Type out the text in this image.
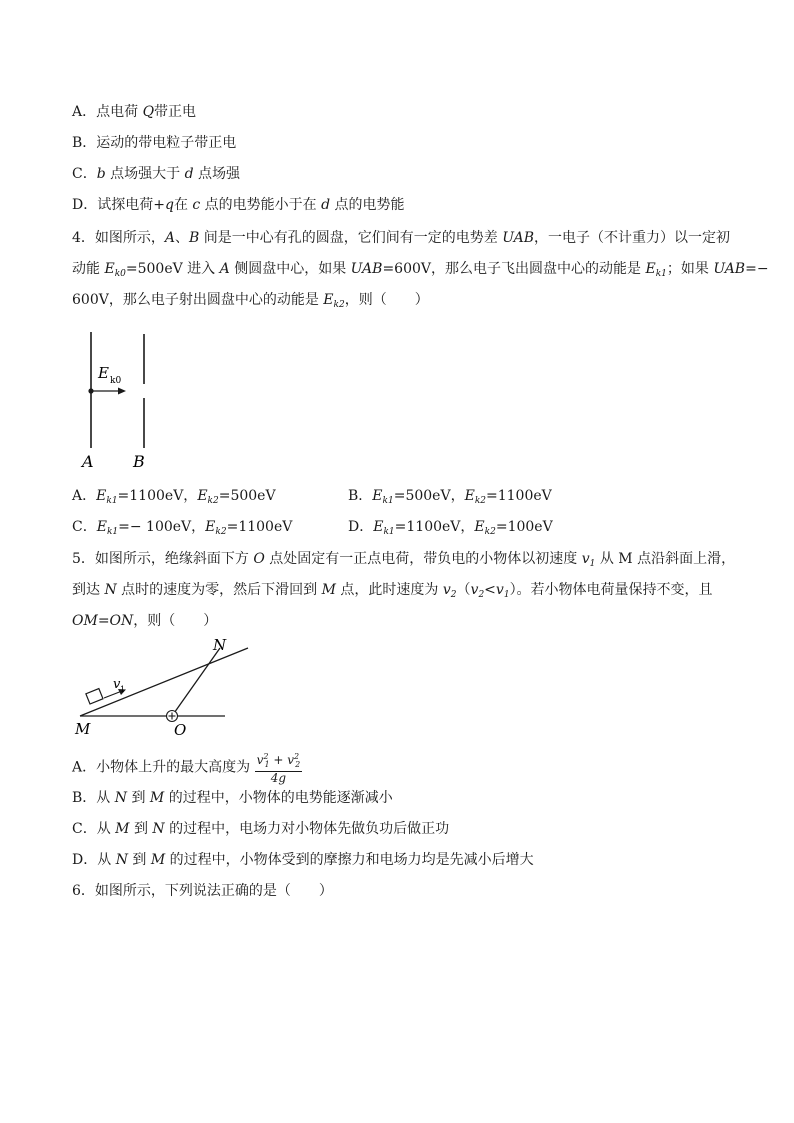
A．点电荷 Q带正电
B．运动的带电粒子带正电
C．b 点场强大于 d 点场强
D．试探电荷+q在 c 点的电势能小于在 d 点的电势能
4．如图所示，A、B 间是一中心有孔的圆盘，它们间有一定的电势差 UAB，一电子（不计重力）以一定初
动能 $E_{k0}=500eV$ 进入 A 侧圆盘中心，如果 UAB=600V，那么电子飞出圆盘中心的动能是 $E_{k1}$；如果 UAB=−
600V，那么电子射出圆盘中心的动能是 $E_{k2}$，则（　　）
E k0
A B
A．$E_{k1}=1100eV$，$E_{k2}=500eV$	B．$E_{k1}=500eV$，$E_{k2}=1100eV$
C．$E_{k1}=- 100eV$，$E_{k2}=1100eV$	D．$E_{k1}=1100eV$，$E_{k2}=100eV$
5．如图所示，绝缘斜面下方 O 点处固定有一正点电荷，带负电的小物体以初速度 $v_1$ 从 M 点沿斜面上滑，
到达 N 点时的速度为零，然后下滑回到 M 点，此时速度为 $v_2(v_2<v_1)$。若小物体电荷量保持不变，且
OM=ON，则（　　）
N
M	O
v 1
A．小物体上升的最大高度为 $\frac{v^2_1 + v^2_2}{4g}$
B．从 N 到 M 的过程中，小物体的电势能逐渐减小
C．从 M 到 N 的过程中，电场力对小物体先做负功后做正功
D．从 N 到 M 的过程中，小物体受到的摩擦力和电场力均是先减小后增大
6．如图所示，下列说法正确的是（　　）
